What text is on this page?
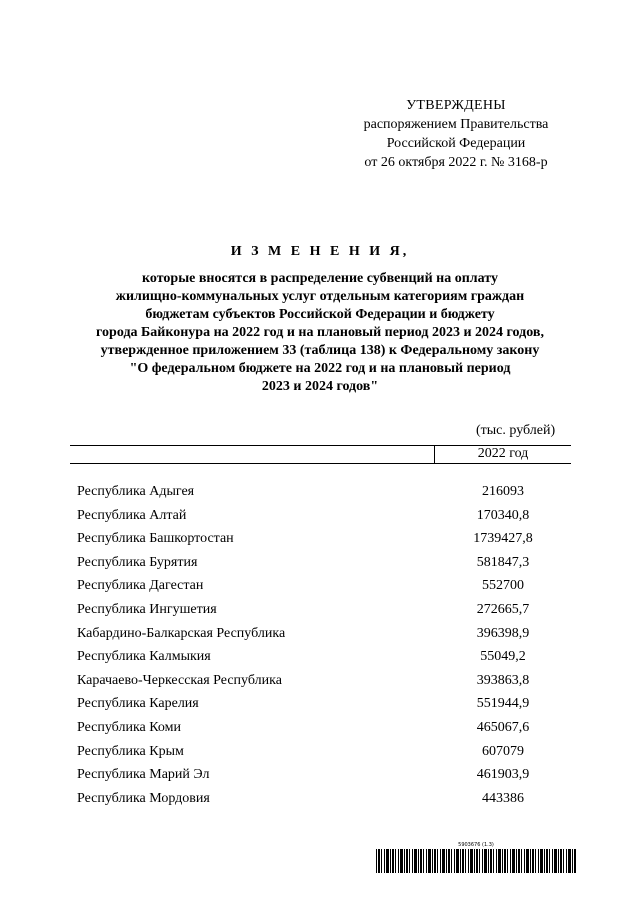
УТВЕРЖДЕНЫ
распоряжением Правительства
Российской Федерации
от 26 октября 2022 г. № 3168-р
И З М Е Н Е Н И Я,
которые вносятся в распределение субвенций на оплату
жилищно-коммунальных услуг отдельным категориям граждан
бюджетам субъектов Российской Федерации и бюджету
города Байконура на 2022 год и на плановый период 2023 и 2024 годов,
утвержденное приложением 33 (таблица 138) к Федеральному закону
"О федеральном бюджете на 2022 год и на плановый период
2023 и 2024 годов"
(тыс. рублей)
2022 год
Республика Адыгея	216093
Республика Алтай	170340,8
Республика Башкортостан	1739427,8
Республика Бурятия	581847,3
Республика Дагестан	552700
Республика Ингушетия	272665,7
Кабардино-Балкарская Республика	396398,9
Республика Калмыкия	55049,2
Карачаево-Черкесская Республика	393863,8
Республика Карелия	551944,9
Республика Коми	465067,6
Республика Крым	607079
Республика Марий Эл	461903,9
Республика Мордовия	443386
5903676 (1.3)
